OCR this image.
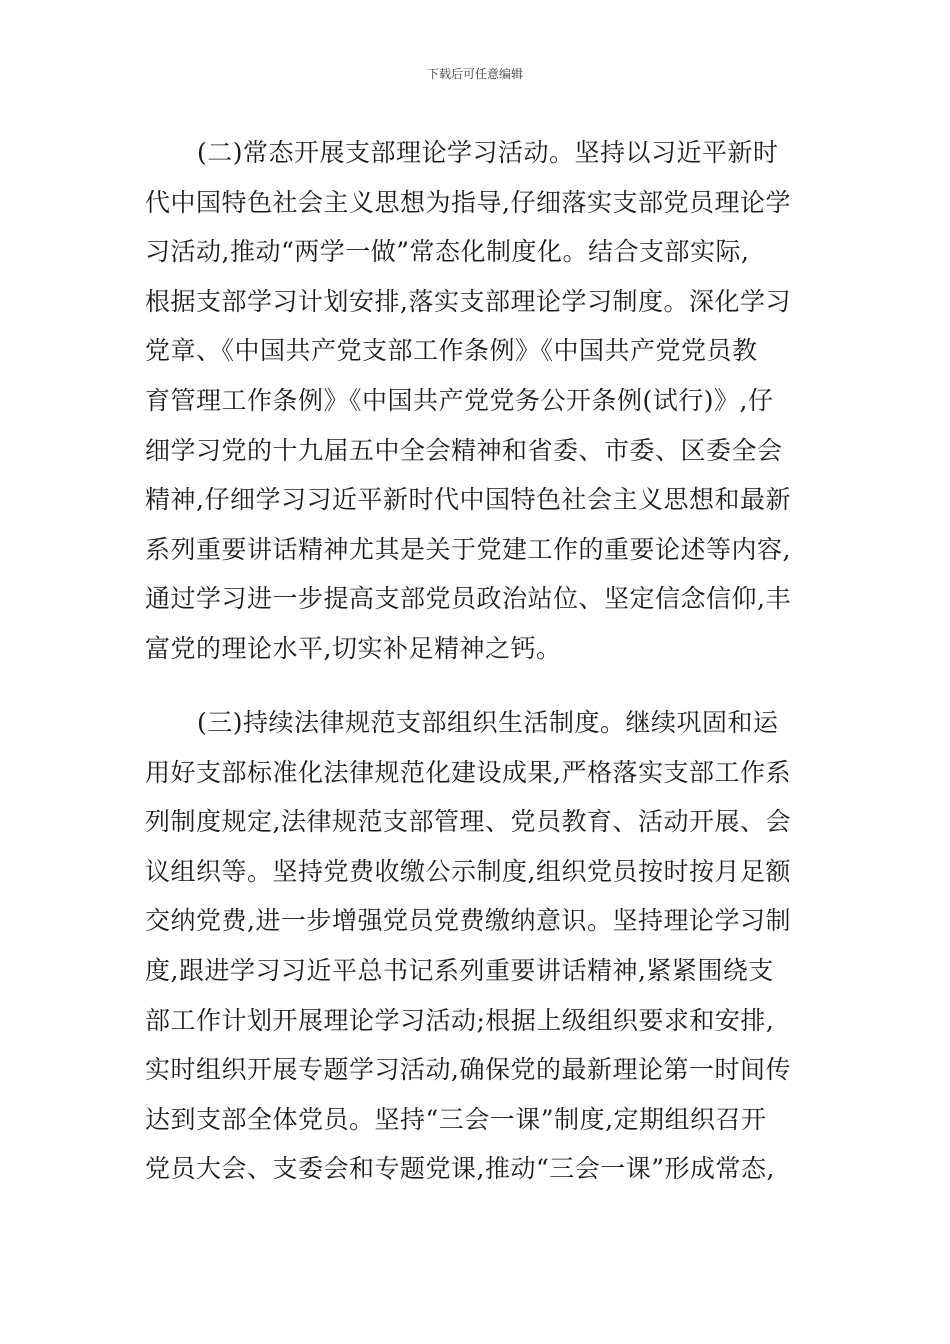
下载后可任意编辑
(二)常态开展支部理论学习活动。坚持以习近平新时
代中国特色社会主义思想为指导,仔细落实支部党员理论学
习活动,推动“两学一做”常态化制度化。结合支部实际,
根据支部学习计划安排,落实支部理论学习制度。深化学习
党章、《中国共产党支部工作条例》《中国共产党党员教
育管理工作条例》《中国共产党党务公开条例(试行)》,仔
细学习党的十九届五中全会精神和省委、市委、区委全会
精神,仔细学习习近平新时代中国特色社会主义思想和最新
系列重要讲话精神尤其是关于党建工作的重要论述等内容,
通过学习进一步提高支部党员政治站位、坚定信念信仰,丰
富党的理论水平,切实补足精神之钙。
(三)持续法律规范支部组织生活制度。继续巩固和运
用好支部标准化法律规范化建设成果,严格落实支部工作系
列制度规定,法律规范支部管理、党员教育、活动开展、会
议组织等。坚持党费收缴公示制度,组织党员按时按月足额
交纳党费,进一步增强党员党费缴纳意识。坚持理论学习制
度,跟进学习习近平总书记系列重要讲话精神,紧紧围绕支
部工作计划开展理论学习活动;根据上级组织要求和安排,
实时组织开展专题学习活动,确保党的最新理论第一时间传
达到支部全体党员。坚持“三会一课”制度,定期组织召开
党员大会、支委会和专题党课,推动“三会一课”形成常态,
